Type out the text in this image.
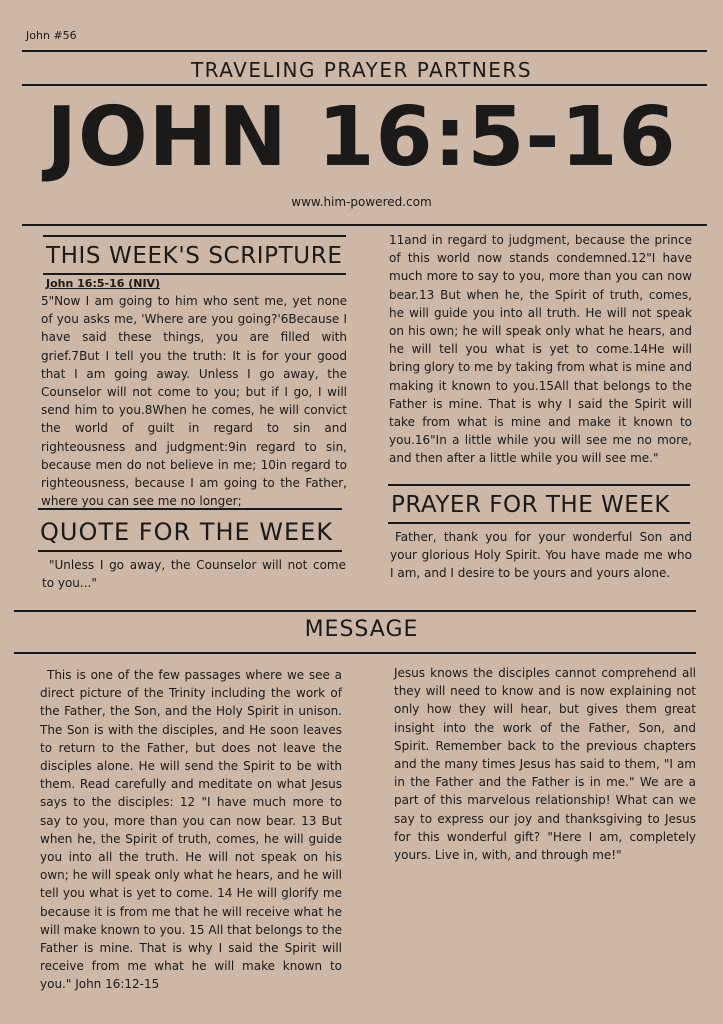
John #56
TRAVELING PRAYER PARTNERS
JOHN 16:5-16
www.him-powered.com
THIS WEEK'S SCRIPTURE
John 16:5-16 (NIV)

5"Now I am going to him who sent me, yet none of you asks me, 'Where are you going?'6Because I have said these things, you are filled with grief.7But I tell you the truth: It is for your good that I am going away. Unless I go away, the Counselor will not come to you; but if I go, I will send him to you.8When he comes, he will convict the world of guilt in regard to sin and righteousness and judgment:9in regard to sin, because men do not believe in me; 10in regard to righteousness, because I am going to the Father, where you can see me no longer;

QUOTE FOR THE WEEK

"Unless I go away, the Counselor will not come to you..."

11and in regard to judgment, because the prince of this world now stands condemned.12"I have much more to say to you, more than you can now bear.13 But when he, the Spirit of truth, comes, he will guide you into all truth. He will not speak on his own; he will speak only what he hears, and he will tell you what is yet to come.14He will bring glory to me by taking from what is mine and making it known to you.15All that belongs to the Father is mine. That is why I said the Spirit will take from what is mine and make it known to you.16"In a little while you will see me no more, and then after a little while you will see me."

PRAYER FOR THE WEEK

Father, thank you for your wonderful Son and your glorious Holy Spirit. You have made me who I am, and I desire to be yours and yours alone.

MESSAGE

This is one of the few passages where we see a direct picture of the Trinity including the work of the Father, the Son, and the Holy Spirit in unison. The Son is with the disciples, and He soon leaves to return to the Father, but does not leave the disciples alone. He will send the Spirit to be with them. Read carefully and meditate on what Jesus says to the disciples: 12 "I have much more to say to you, more than you can now bear. 13 But when he, the Spirit of truth, comes, he will guide you into all the truth. He will not speak on his own; he will speak only what he hears, and he will tell you what is yet to come. 14 He will glorify me because it is from me that he will receive what he will make known to you. 15 All that belongs to the Father is mine. That is why I said the Spirit will receive from me what he will make known to you." John 16:12-15

Jesus knows the disciples cannot comprehend all they will need to know and is now explaining not only how they will hear, but gives them great insight into the work of the Father, Son, and Spirit. Remember back to the previous chapters and the many times Jesus has said to them, "I am in the Father and the Father is in me." We are a part of this marvelous relationship! What can we say to express our joy and thanksgiving to Jesus for this wonderful gift? "Here I am, completely yours. Live in, with, and through me!"
